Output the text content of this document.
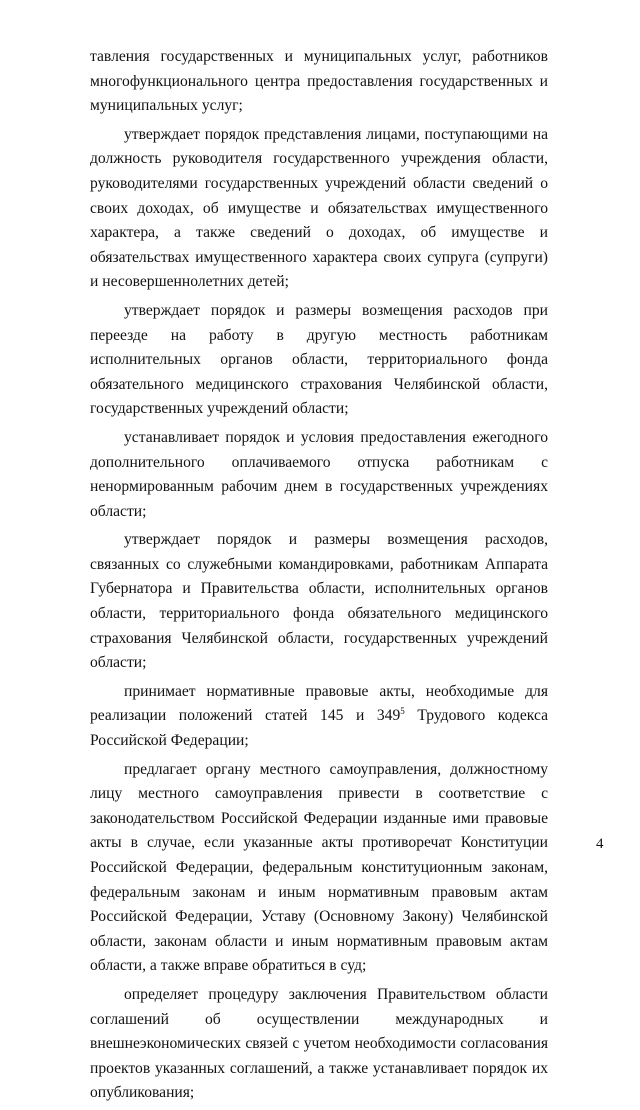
тавления государственных и муниципальных услуг, работников многофункционального центра предоставления государственных и муниципальных услуг;

утверждает порядок представления лицами, поступающими на должность руководителя государственного учреждения области, руководителями государственных учреждений области сведений о своих доходах, об имуществе и обязательствах имущественного характера, а также сведений о доходах, об имуществе и обязательствах имущественного характера своих супруга (супруги) и несовершеннолетних детей;

утверждает порядок и размеры возмещения расходов при переезде на работу в другую местность работникам исполнительных органов области, территориального фонда обязательного медицинского страхования Челябинской области, государственных учреждений области;

устанавливает порядок и условия предоставления ежегодного дополнительного оплачиваемого отпуска работникам с ненормированным рабочим днем в государственных учреждениях области;

утверждает порядок и размеры возмещения расходов, связанных со служебными командировками, работникам Аппарата Губернатора и Правительства области, исполнительных органов области, территориального фонда обязательного медицинского страхования Челябинской области, государственных учреждений области;

принимает нормативные правовые акты, необходимые для реализации положений статей 145 и $349^5$ Трудового кодекса Российской Федерации;

предлагает органу местного самоуправления, должностному лицу местного самоуправления привести в соответствие с законодательством Российской Федерации изданные ими правовые акты в случае, если указанные акты противоречат Конституции Российской Федерации, федеральным конституционным законам, федеральным законам и иным нормативным правовым актам Российской Федерации, Уставу (Основному Закону) Челябинской области, законам области и иным нормативным правовым актам области, а также вправе обратиться в суд;

определяет процедуру заключения Правительством области соглашений об осуществлении международных и внешнеэкономических связей с учетом необходимости согласования проектов указанных соглашений, а также устанавливает порядок их опубликования;

4
